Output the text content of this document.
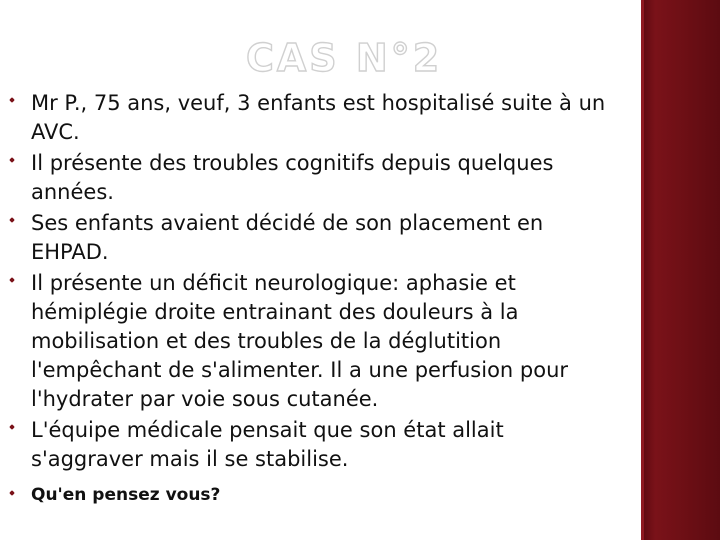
CAS N°2
Mr P., 75 ans, veuf, 3 enfants est hospitalisé suite à un AVC.
Il présente des troubles cognitifs depuis quelques années.
Ses enfants avaient décidé de son placement en EHPAD.
Il présente un déficit neurologique: aphasie et hémiplégie droite entrainant des douleurs à la mobilisation et des troubles de la déglutition l'empêchant de s'alimenter. Il a une perfusion pour l'hydrater par voie sous cutanée.
L'équipe médicale pensait que son état allait s'aggraver mais il se stabilise.
Qu'en pensez vous?
